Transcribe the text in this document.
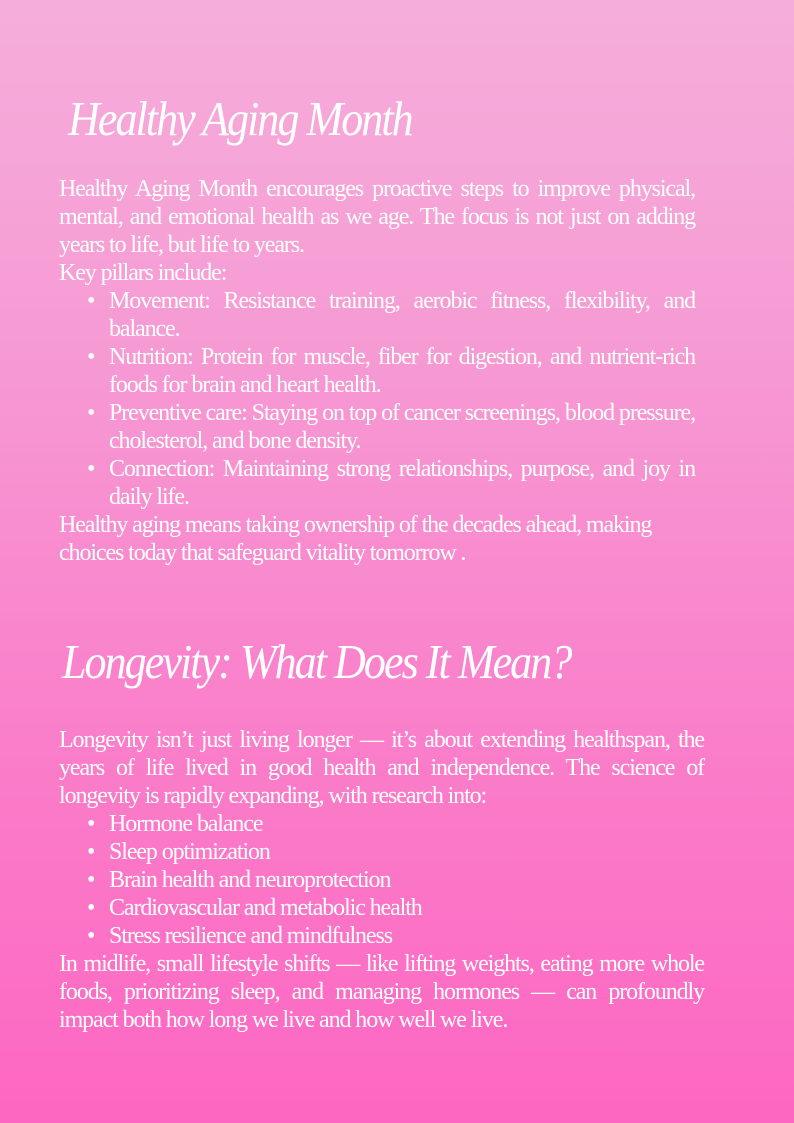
Healthy Aging Month

Healthy Aging Month encourages proactive steps to improve physical, mental, and emotional health as we age. The focus is not just on adding years to life, but life to years.

Key pillars include:

• Movement: Resistance training, aerobic fitness, flexibility, and balance.
• Nutrition: Protein for muscle, fiber for digestion, and nutrient-rich foods for brain and heart health.
• Preventive care: Staying on top of cancer screenings, blood pressure, cholesterol, and bone density.
• Connection: Maintaining strong relationships, purpose, and joy in daily life.

Healthy aging means taking ownership of the decades ahead, making choices today that safeguard vitality tomorrow .

Longevity: What Does It Mean?

Longevity isn’t just living longer — it’s about extending healthspan, the years of life lived in good health and independence. The science of longevity is rapidly expanding, with research into:

• Hormone balance
• Sleep optimization
• Brain health and neuroprotection
• Cardiovascular and metabolic health
• Stress resilience and mindfulness

In midlife, small lifestyle shifts — like lifting weights, eating more whole foods, prioritizing sleep, and managing hormones — can profoundly impact both how long we live and how well we live.
